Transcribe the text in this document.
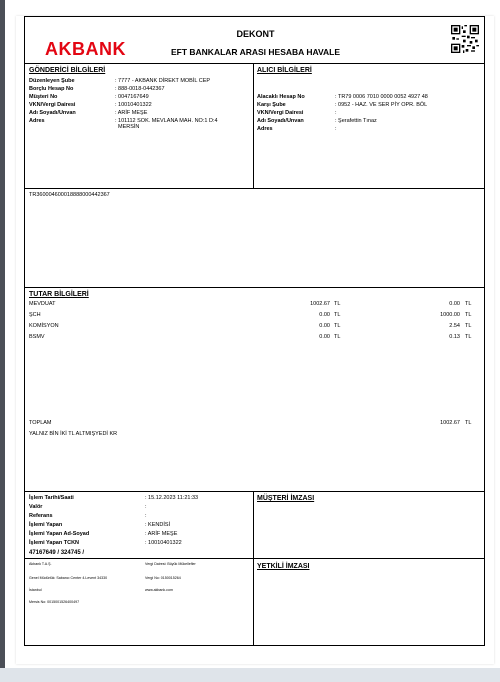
AKBANK
DEKONT
EFT BANKALAR ARASI HESABA HAVALE
GÖNDERİCİ BİLGİLERİ	ALICI BİLGİLERİ
Düzenleyen Şube	: 7777 - AKBANK DİREKT MOBİL CEP
Borçlu Hesap No	: 888-0018-0442367
Müşteri No	: 0047167649
VKN/Vergi Dairesi	: 10010401322
Adı Soyadı/Unvan	: ARİF MEŞE
Adres	: 101112 SOK. MEVLANA MAH. NO:1 D:4
MERSİN
Alacaklı Hesap No	: TR79 0006 7010 0000 0052 4927 48
Karşı Şube	: 0952 - HAZ. VE SER PİY OPR. BÖL
VKN/Vergi Dairesi	:
Adı Soyadı/Unvan	: Şerafettin Tınaz
Adres	:
TR36000460001888800044236​7
TUTAR BİLGİLERİ
MEVDUAT	1002.67 TL	0.00 TL
ŞCH	0.00 TL	1000.00 TL
KOMİSYON	0.00 TL	2.54 TL
BSMV	0.00 TL	0.13 TL
TOPLAM	1002.67 TL
YALNIZ BİN İKİ TL ALTMIŞYEDİ KR
İşlem Tarihi/Saati	: 15.12.2023 11:21:33
Valör	:
Referans	:
İşlemi Yapan	: KENDİSİ
İşlemi Yapan Ad-Soyad	: ARİF MEŞE
İşlemi Yapan TCKN	: 10010401322
47167649 / 324745 /
MÜŞTERİ İMZASI
Akbank T.A.Ş.
Genel Müdürlük: Sabancı Center 4.Levent 34330
İstanbul
Mersis No: 0015001526400497
Vergi Dairesi: Büyük Mükellefler
Vergi No: 0150015264
www.akbank.com
YETKİLİ İMZASI
